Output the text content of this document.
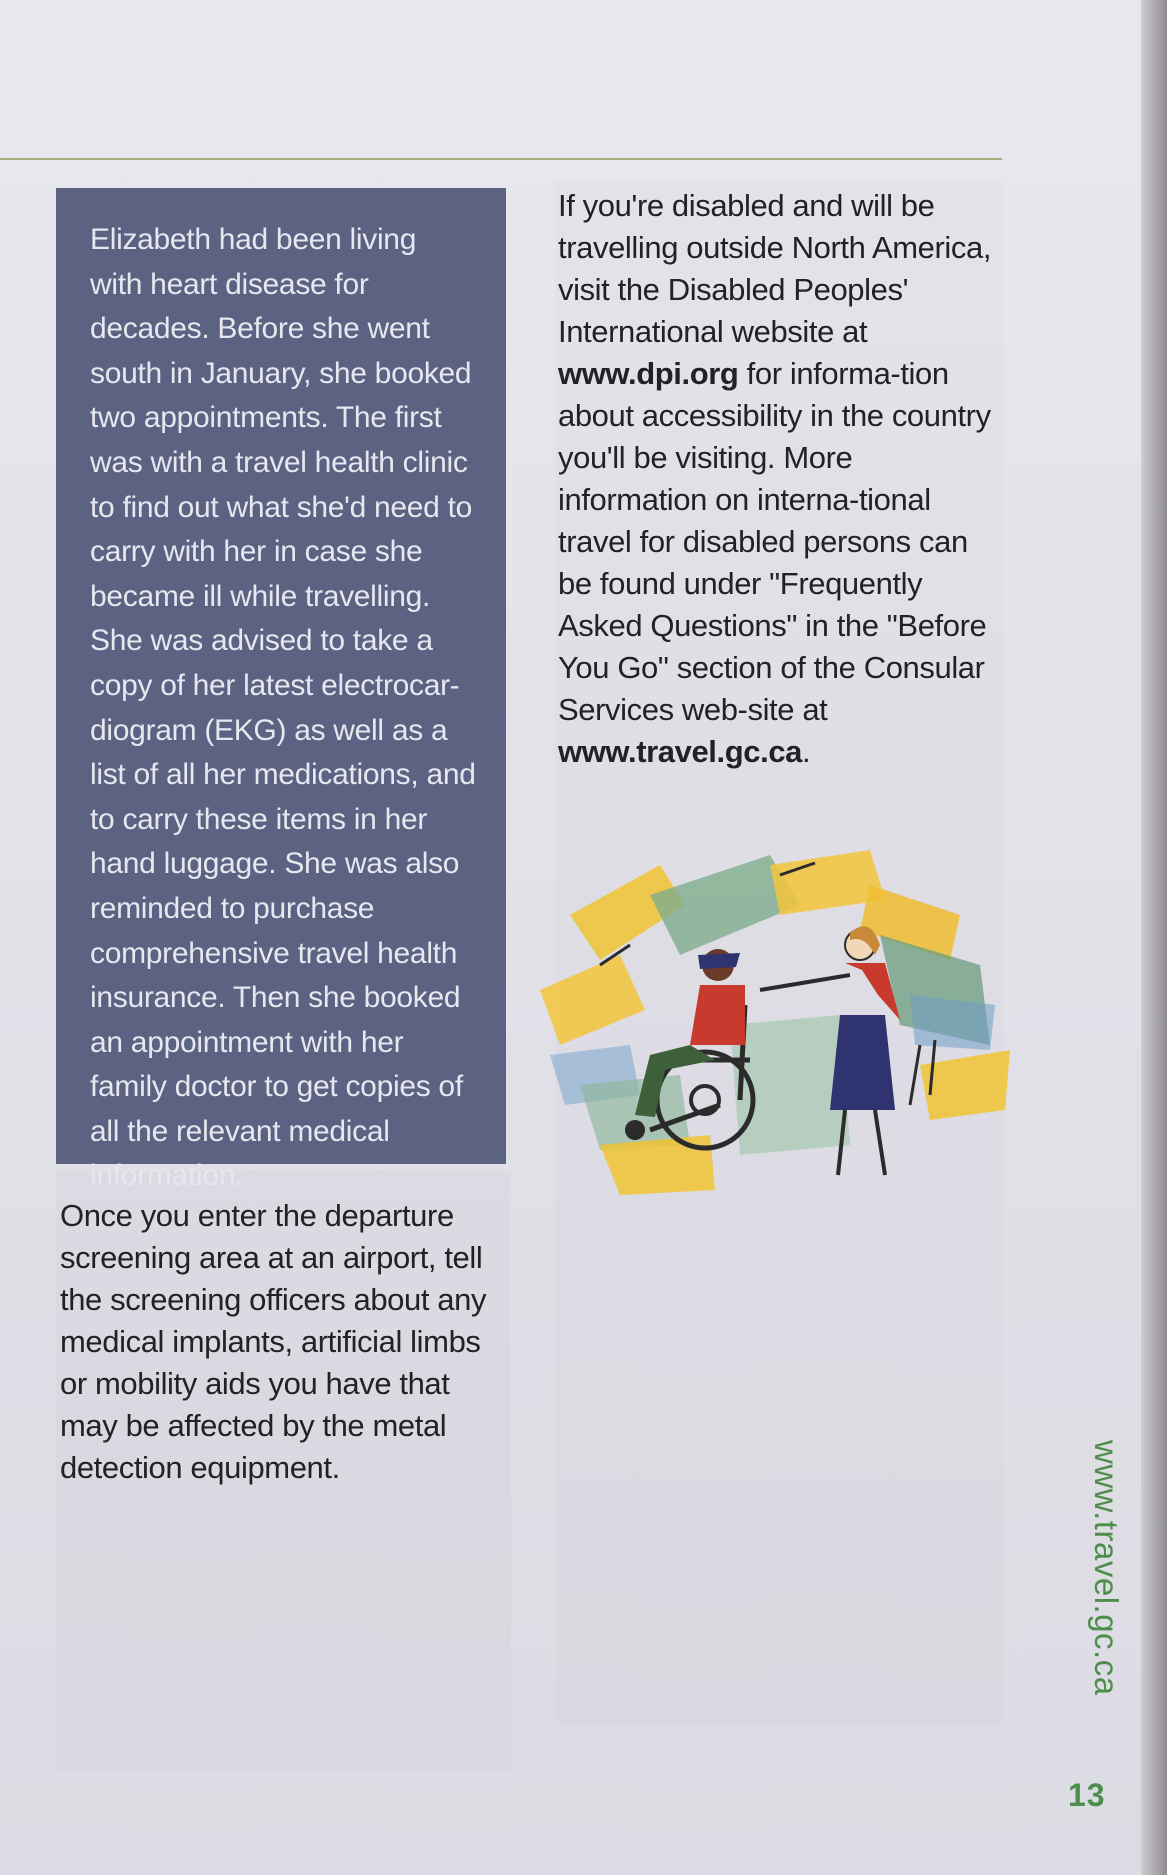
Elizabeth had been living with heart disease for decades. Before she went south in January, she booked two appointments. The first was with a travel health clinic to find out what she'd need to carry with her in case she became ill while travelling. She was advised to take a copy of her latest electrocar-diogram (EKG) as well as a list of all her medications, and to carry these items in her hand luggage. She was also reminded to purchase comprehensive travel health insurance. Then she booked an appointment with her family doctor to get copies of all the relevant medical information.

Once you enter the departure screening area at an airport, tell the screening officers about any medical implants, artificial limbs or mobility aids you have that may be affected by the metal detection equipment.

If you're disabled and will be travelling outside North America, visit the Disabled Peoples' International website at www.dpi.org for informa-tion about accessibility in the country you'll be visiting. More information on interna-tional travel for disabled persons can be found under "Frequently Asked Questions" in the "Before You Go" section of the Consular Services web-site at www.travel.gc.ca.

www.travel.gc.ca
13
